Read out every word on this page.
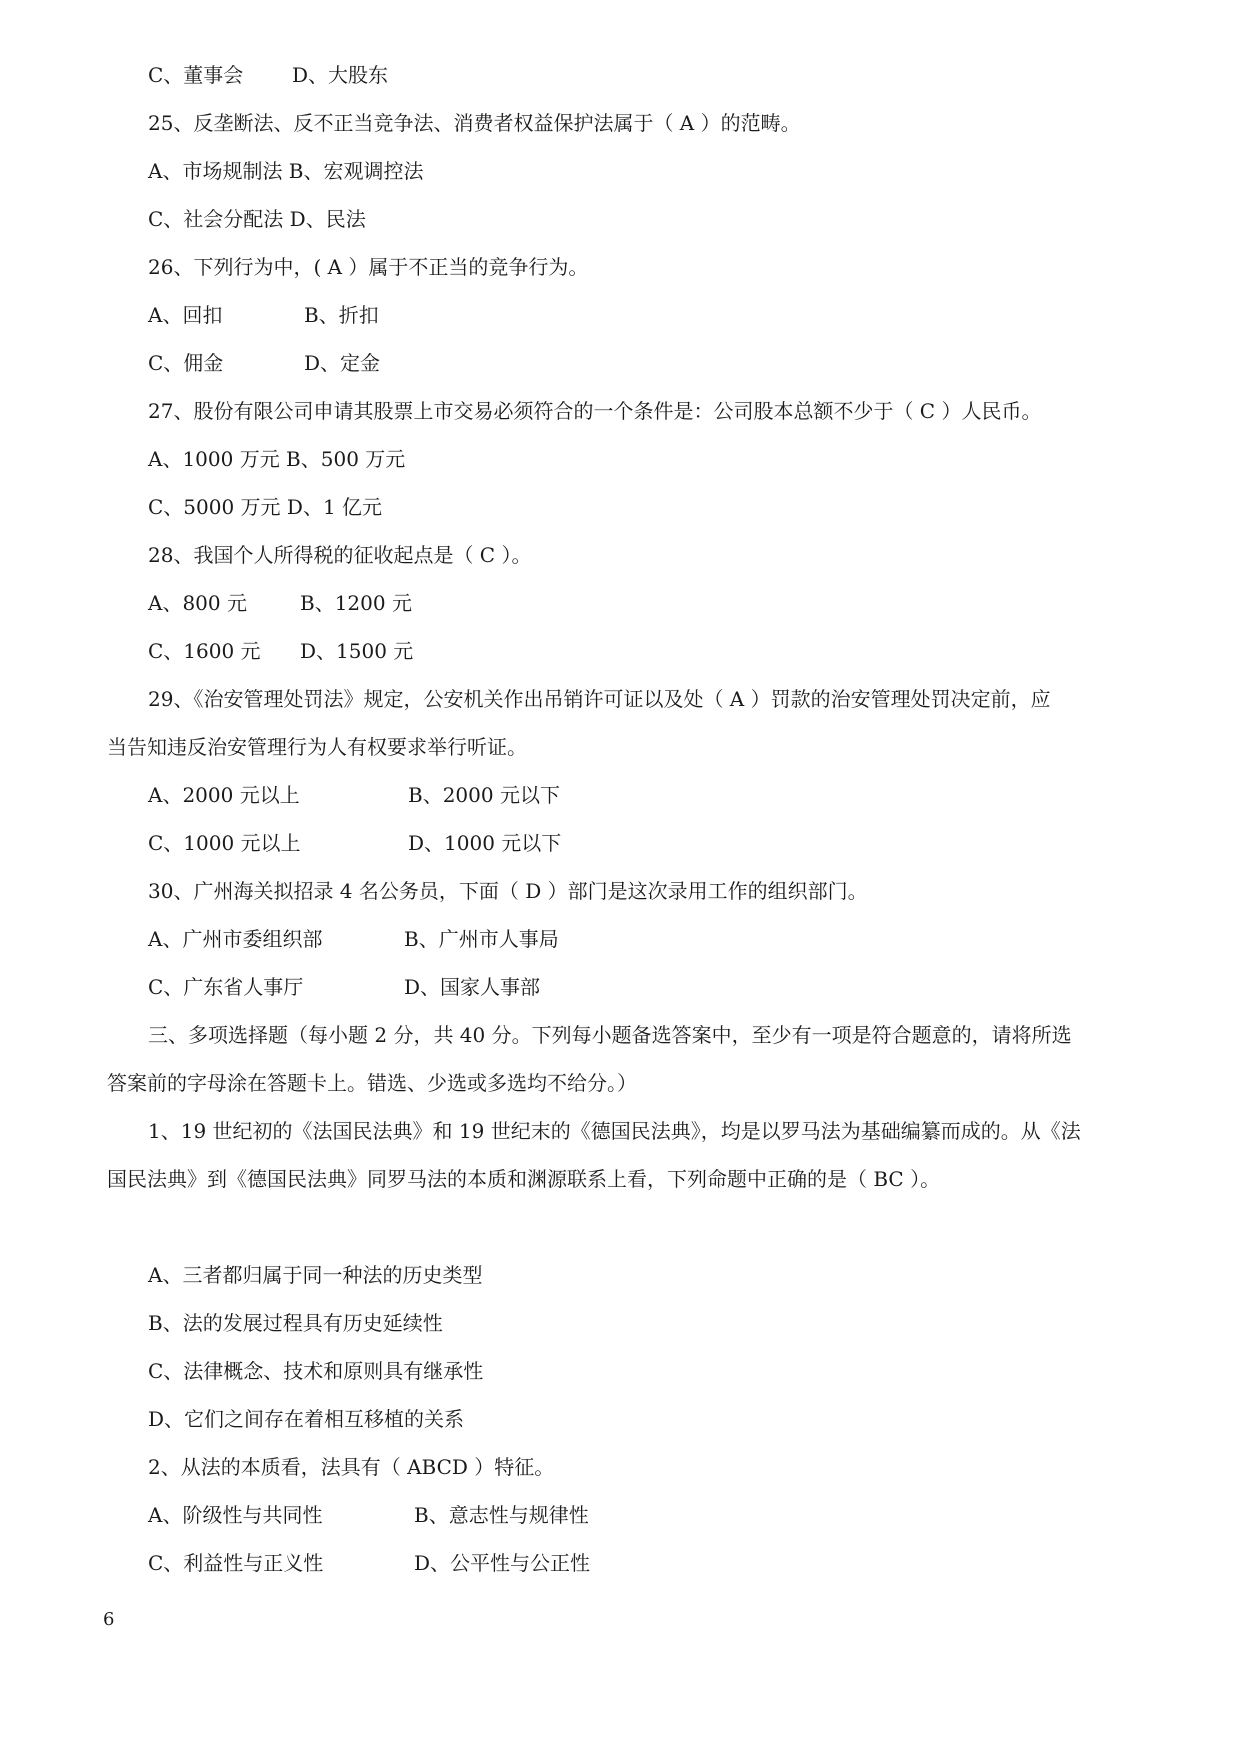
C、董事会 D、大股东
25、反垄断法、反不正当竞争法、消费者权益保护法属于（ A ）的范畴。
A、市场规制法 B、宏观调控法
C、社会分配法 D、民法
26、下列行为中，( A ）属于不正当的竞争行为。
A、回扣	B、折扣
C、佣金	D、定金
27、股份有限公司申请其股票上市交易必须符合的一个条件是：公司股本总额不少于（ C ）人民币。
A、1000 万元 B、500 万元
C、5000 万元 D、1 亿元
28、我国个人所得税的征收起点是（ C ）。
A、800 元	B、1200 元
C、1600 元 D、1500 元
29、《治安管理处罚法》规定，公安机关作出吊销许可证以及处（ A ）罚款的治安管理处罚决定前，应
当告知违反治安管理行为人有权要求举行听证。
A、2000 元以上	B、2000 元以下
C、1000 元以上	D、1000 元以下
30、广州海关拟招录 4 名公务员，下面（ D ）部门是这次录用工作的组织部门。
A、广州市委组织部	B、广州市人事局
C、广东省人事厅	D、国家人事部
三、多项选择题（每小题 2 分，共 40 分。下列每小题备选答案中，至少有一项是符合题意的，请将所选
答案前的字母涂在答题卡上。错选、少选或多选均不给分。）
1、19 世纪初的《法国民法典》和 19 世纪末的《德国民法典》，均是以罗马法为基础编纂而成的。从《法
国民法典》到《德国民法典》同罗马法的本质和渊源联系上看，下列命题中正确的是（ BC ）。
A、三者都归属于同一种法的历史类型
B、法的发展过程具有历史延续性
C、法律概念、技术和原则具有继承性
D、它们之间存在着相互移植的关系
2、从法的本质看，法具有（ ABCD ）特征。
A、阶级性与共同性	B、意志性与规律性
C、利益性与正义性	D、公平性与公正性
6
